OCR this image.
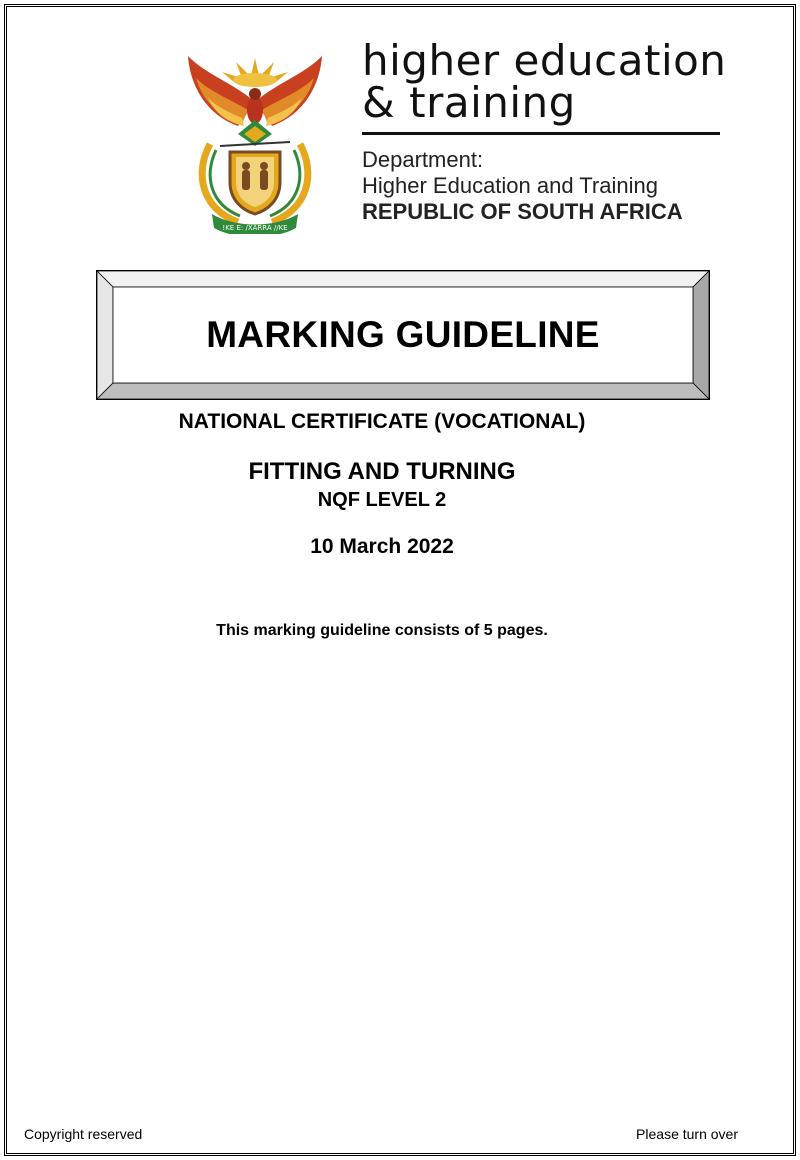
!KE E: /XARRA //KE
higher education
& training
Department:
Higher Education and Training
REPUBLIC OF SOUTH AFRICA
MARKING GUIDELINE
NATIONAL CERTIFICATE (VOCATIONAL)
FITTING AND TURNING
NQF LEVEL 2
10 March 2022
This marking guideline consists of 5 pages.
Copyright reserved	Please turn over
